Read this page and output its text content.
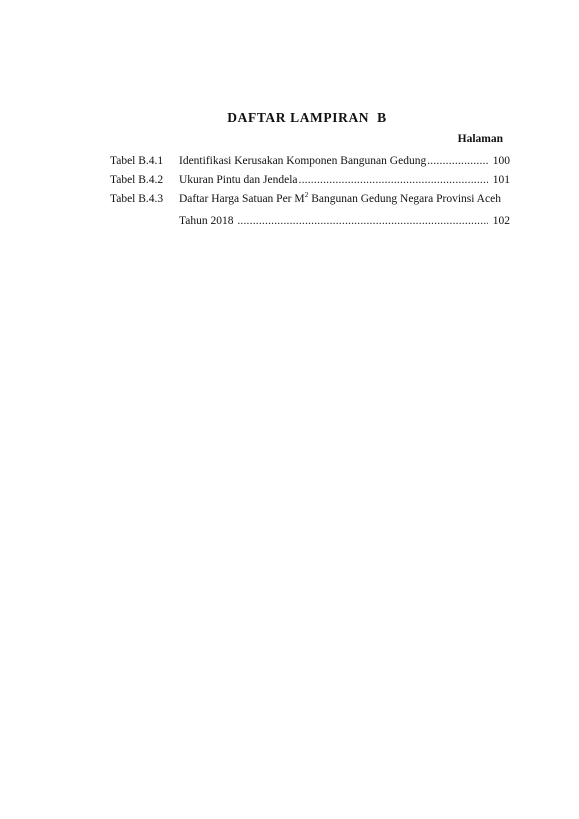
DAFTAR LAMPIRAN  B
Halaman
Tabel B.4.1	Identifikasi Kerusakan Komponen Bangunan Gedung .....	100
Tabel B.4.2	Ukuran Pintu dan Jendela .....	101
Tabel B.4.3	Daftar Harga Satuan Per $M^2$ Bangunan Gedung Negara Provinsi Aceh
Tahun 2018 .....	102
